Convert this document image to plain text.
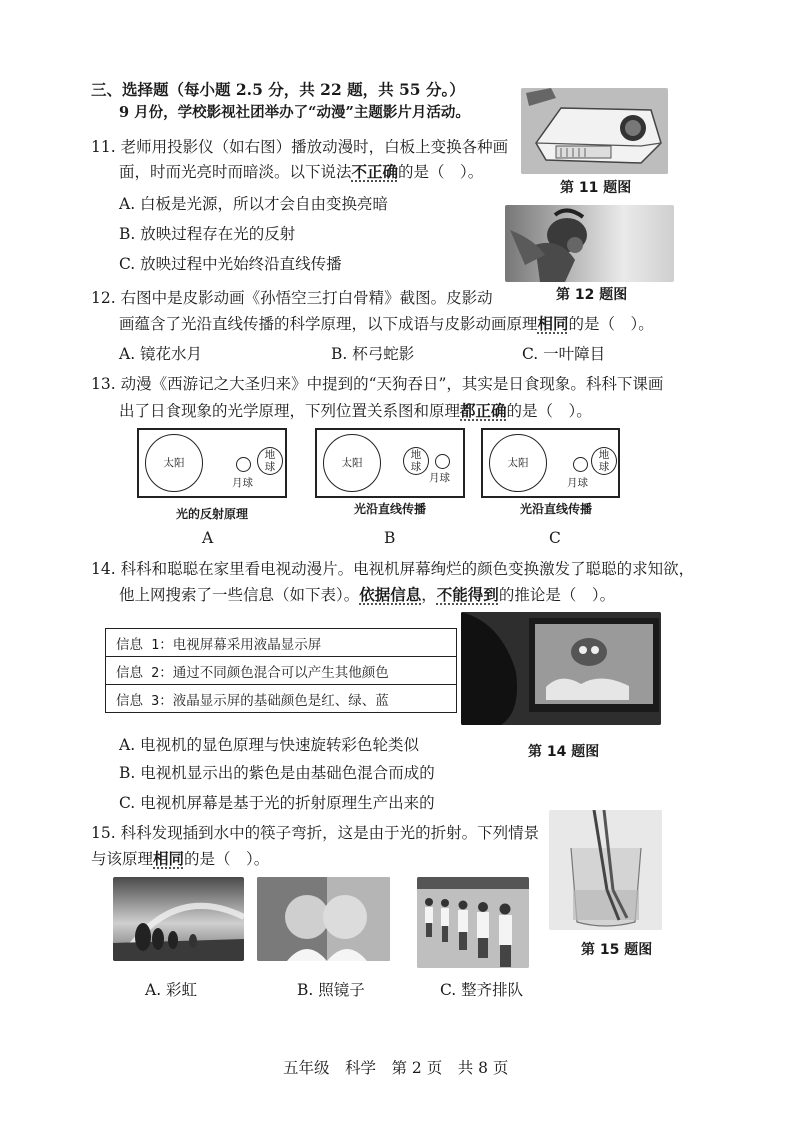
三、选择题（每小题 2.5 分，共 22 题，共 55 分。）
9 月份，学校影视社团举办了“动漫”主题影片月活动。
11. 老师用投影仪（如右图）播放动漫时，白板上变换各种画
面，时而光亮时而暗淡。以下说法不正确的是（　）。
A. 白板是光源，所以才会自由变换亮暗
B. 放映过程存在光的反射
C. 放映过程中光始终沿直线传播
第 11 题图
第 12 题图
12. 右图中是皮影动画《孙悟空三打白骨精》截图。皮影动
画蕴含了光沿直线传播的科学原理，以下成语与皮影动画原理相同的是（　）。
A. 镜花水月	B. 杯弓蛇影	C. 一叶障目
13. 动漫《西游记之大圣归来》中提到的“天狗吞日”，其实是日食现象。科科下课画
出了日食现象的光学原理，下列位置关系图和原理都正确的是（　）。
太阳
地
球
月球
光的反射原理
A
太阳
地
球
月球
光沿直线传播
B
太阳
地
球
月球
光沿直线传播
C
14. 科科和聪聪在家里看电视动漫片。电视机屏幕绚烂的颜色变换激发了聪聪的求知欲，
他上网搜索了一些信息（如下表）。依据信息，不能得到的推论是（　）。
信息 1：电视屏幕采用液晶显示屏
信息 2：通过不同颜色混合可以产生其他颜色
信息 3：液晶显示屏的基础颜色是红、绿、蓝
A. 电视机的显色原理与快速旋转彩色轮类似	第 14 题图
B. 电视机显示出的紫色是由基础色混合而成的
C. 电视机屏幕是基于光的折射原理生产出来的
15. 科科发现插到水中的筷子弯折，这是由于光的折射。下列情景
与该原理相同的是（　）。
第 15 题图
A. 彩虹	B. 照镜子	C. 整齐排队
五年级　科学　第 2 页　共 8 页
